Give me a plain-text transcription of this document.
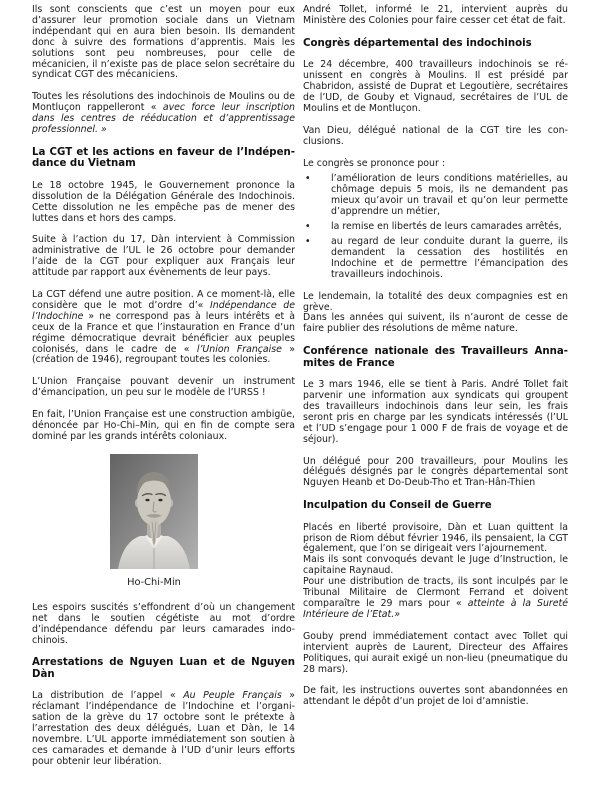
Ils sont conscients que c’est un moyen pour eux d’assurer leur promotion sociale dans un Vietnam indépendant qui en aura bien besoin. Ils demandent donc à suivre des formations d’apprentis. Mais les solutions sont peu nombreuses, pour celle de mécanicien, il n’existe pas de place selon secrétaire du syndicat CGT des mécaniciens.

Toutes les résolutions des indochinois de Moulins ou de Montluçon rappelleront « avec force leur inscription dans les centres de rééducation et d’apprentissage professionnel. »

La CGT et les actions en faveur de l’Indépendance du Vietnam

Le 18 octobre 1945, le Gouvernement prononce la dissolution de la Délégation Générale des Indochinois. Cette dissolution ne les empêche pas de mener des luttes dans et hors des camps.

Suite à l’action du 17, Dàn intervient à Commission administrative de l’UL le 26 octobre pour demander l’aide de la CGT pour expliquer aux Français leur attitude par rapport aux évènements de leur pays.

La CGT défend une autre position. A ce moment-là, elle considère que le mot d’ordre d’« Indépendance de l’Indochine » ne correspond pas à leurs intérêts et à ceux de la France et que l’instauration en France d’un régime démocratique devrait bénéficier aux peuples colonisés, dans le cadre de « l’Union Française » (création de 1946), regroupant toutes les colonies.

L’Union Française pouvant devenir un instrument d’émancipation, un peu sur le modèle de l’URSS !

En fait, l’Union Française est une construction ambigüe, dénoncée par Ho-Chi–Min, qui en fin de compte sera dominé par les grands intérêts coloniaux.

Ho-Chi-Min

Les espoirs suscités s’effondrent d’où un changement net dans le soutien cégétiste au mot d’ordre d’indépendance défendu par leurs camarades indochinois.

Arrestations de Nguyen Luan et de Nguyen Dàn

La distribution de l’appel « Au Peuple Français » réclamant l’indépendance de l’Indochine et l’organisation de la grève du 17 octobre sont le prétexte à l’arrestation des deux délégués, Luan et Dàn, le 14 novembre. L’UL apporte immédiatement son soutien à ces camarades et demande à l’UD d’unir leurs efforts pour obtenir leur libération.

André Tollet, informé le 21, intervient auprès du Ministère des Colonies pour faire cesser cet état de fait.

Congrès départemental des indochinois

Le 24 décembre, 400 travailleurs indochinois se réunissent en congrès à Moulins. Il est présidé par Chabridon, assisté de Duprat et Legoutière, secrétaires de l’UD, de Gouby et Vignaud, secrétaires de l’UL de Moulins et de Montluçon.

Van Dieu, délégué national de la CGT tire les conclusions.

Le congrès se prononce pour :

• l’amélioration de leurs conditions matérielles, au chômage depuis 5 mois, ils ne demandent pas mieux qu’avoir un travail et qu’on leur permette d’apprendre un métier,
• la remise en libertés de leurs camarades arrêtés,
• au regard de leur conduite durant la guerre, ils demandent la cessation des hostilités en Indochine et de permettre l’émancipation des travailleurs indochinois.

Le lendemain, la totalité des deux compagnies est en grève.

Dans les années qui suivent, ils n’auront de cesse de faire publier des résolutions de même nature.

Conférence nationale des Travailleurs Annamites de France

Le 3 mars 1946, elle se tient à Paris. André Tollet fait parvenir une information aux syndicats qui groupent des travailleurs indochinois dans leur sein, les frais seront pris en charge par les syndicats intéressés (l’UL et l’UD s’engage pour 1 000 F de frais de voyage et de séjour).

Un délégué pour 200 travailleurs, pour Moulins les délégués désignés par le congrès départemental sont Nguyen Heanb et Do-Deub-Tho et Tran-Hân-Thien

Inculpation du Conseil de Guerre

Placés en liberté provisoire, Dàn et Luan quittent la prison de Riom début février 1946, ils pensaient, la CGT également, que l’on se dirigeait vers l’ajournement.

Mais ils sont convoqués devant le Juge d’Instruction, le capitaine Raynaud.

Pour une distribution de tracts, ils sont inculpés par le Tribunal Militaire de Clermont Ferrand et doivent comparaître le 29 mars pour « atteinte à la Sureté Intérieure de l’Etat.»

Gouby prend immédiatement contact avec Tollet qui intervient auprès de Laurent, Directeur des Affaires Politiques, qui aurait exigé un non-lieu (pneumatique du 28 mars).

De fait, les instructions ouvertes sont abandonnées en attendant le dépôt d’un projet de loi d’amnistie.
